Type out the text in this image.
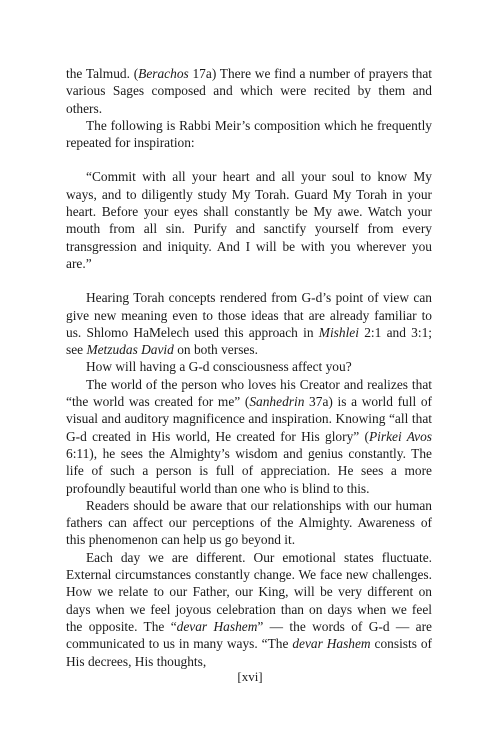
the Talmud. (Berachos 17a) There we find a number of prayers that various Sages composed and which were recited by them and others.

The following is Rabbi Meir’s composition which he frequently repeated for inspiration:

“Commit with all your heart and all your soul to know My ways, and to diligently study My Torah. Guard My Torah in your heart. Before your eyes shall constantly be My awe. Watch your mouth from all sin. Purify and sanctify yourself from every transgression and iniquity. And I will be with you wherever you are.”

Hearing Torah concepts rendered from G-d’s point of view can give new meaning even to those ideas that are already familiar to us. Shlomo HaMelech used this approach in Mishlei 2:1 and 3:1; see Metzudas David on both verses.

How will having a G-d consciousness affect you?

The world of the person who loves his Creator and realizes that “the world was created for me” (Sanhedrin 37a) is a world full of visual and auditory magnificence and inspiration. Knowing “all that G-d created in His world, He created for His glory” (Pirkei Avos 6:11), he sees the Almighty’s wisdom and genius constantly. The life of such a person is full of appreciation. He sees a more profoundly beautiful world than one who is blind to this.

Readers should be aware that our relationships with our human fathers can affect our perceptions of the Almighty. Awareness of this phenomenon can help us go beyond it.

Each day we are different. Our emotional states fluctuate. External circumstances constantly change. We face new challenges. How we relate to our Father, our King, will be very different on days when we feel joyous celebration than on days when we feel the opposite. The “devar Hashem” — the words of G-d — are communicated to us in many ways. “The devar Hashem consists of His decrees, His thoughts,

[xvi]
